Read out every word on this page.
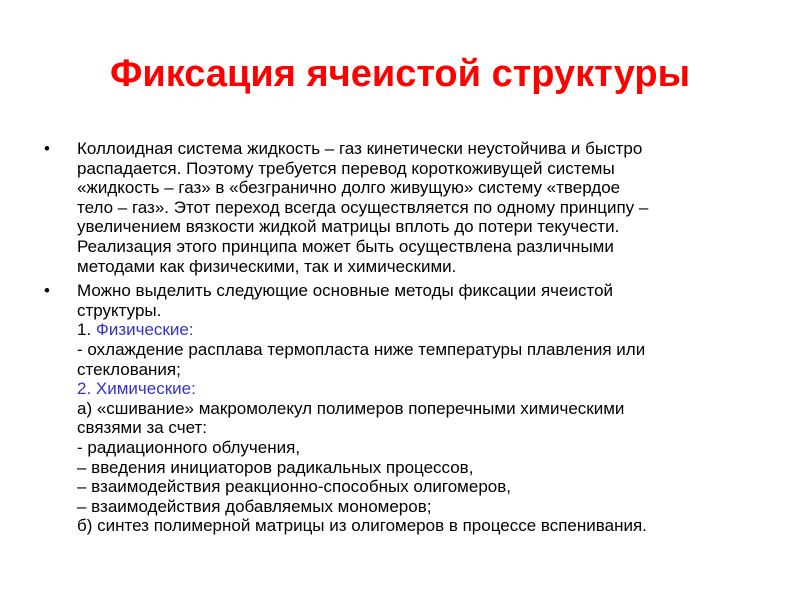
Фиксация ячеистой структуры
• Коллоидная система жидкость – газ кинетически неустойчива и быстро
распадается. Поэтому требуется перевод короткоживущей системы
«жидкость – газ» в «безгранично долго живущую» систему «твердое
тело – газ». Этот переход всегда осуществляется по одному принципу –
увеличением вязкости жидкой матрицы вплоть до потери текучести.
Реализация этого принципа может быть осуществлена различными
методами как физическими, так и химическими.
• Можно выделить следующие основные методы фиксации ячеистой
структуры.
1. Физические:
- охлаждение расплава термопласта ниже температуры плавления или
стеклования;
2. Химические:
а) «сшивание» макромолекул полимеров поперечными химическими
связями за счет:
- радиационного облучения,
– введения инициаторов радикальных процессов,
– взаимодействия реакционно-способных олигомеров,
– взаимодействия добавляемых мономеров;
б) синтез полимерной матрицы из олигомеров в процессе вспенивания.
